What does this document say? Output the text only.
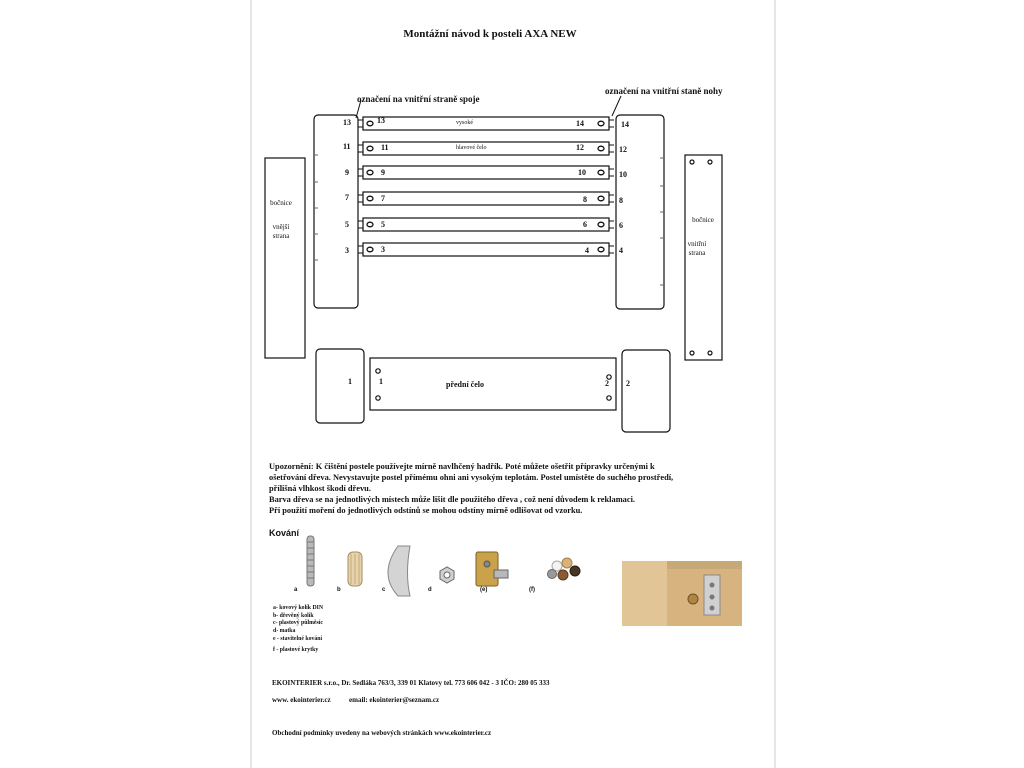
Montážní návod k posteli AXA NEW
označení na vnitřní straně spoje
označení na vnitřní staně nohy
13
11
9
7
5
3
13
11
9
7
5
3
vysoké
hlavové čelo
14
12
10
8
6
4
14
12
10
8
6
4
bočnice
vnější
strana
bočnice
vnitřní
strana
1	1	přední čelo	2 2
Upozornění: K čištění postele používejte mírně navlhčený hadřík. Poté můžete ošetřit přípravky určenými k
ošetřování dřeva. Nevystavujte postel přímému ohni ani vysokým teplotám. Postel umístěte do suchého prostředí,
přílišná vlhkost škodí dřevu.
Barva dřeva se na jednotlivých místech může lišit dle použitého dřeva , což není důvodem k reklamaci.
Při použití moření do jednotlivých odstínů se mohou odstíny mírně odlišovat od vzorku.
Kování
a	b	c	d	(e)	(f)
a- kovový kolík DIN
b- dřevěný kolík
c- plastový půlměsíc
d- matka
e - stavitelné kování
f - plastové krytky
EKOINTERIER s.r.o., Dr. Sedláka 763/3, 339 01 Klatovy tel. 773 606 042 - 3 IČO: 280 05 333
www. ekointerier.cz	email: ekointerier@seznam.cz
Obchodní podmínky uvedeny na webových stránkách www.ekointerier.cz
